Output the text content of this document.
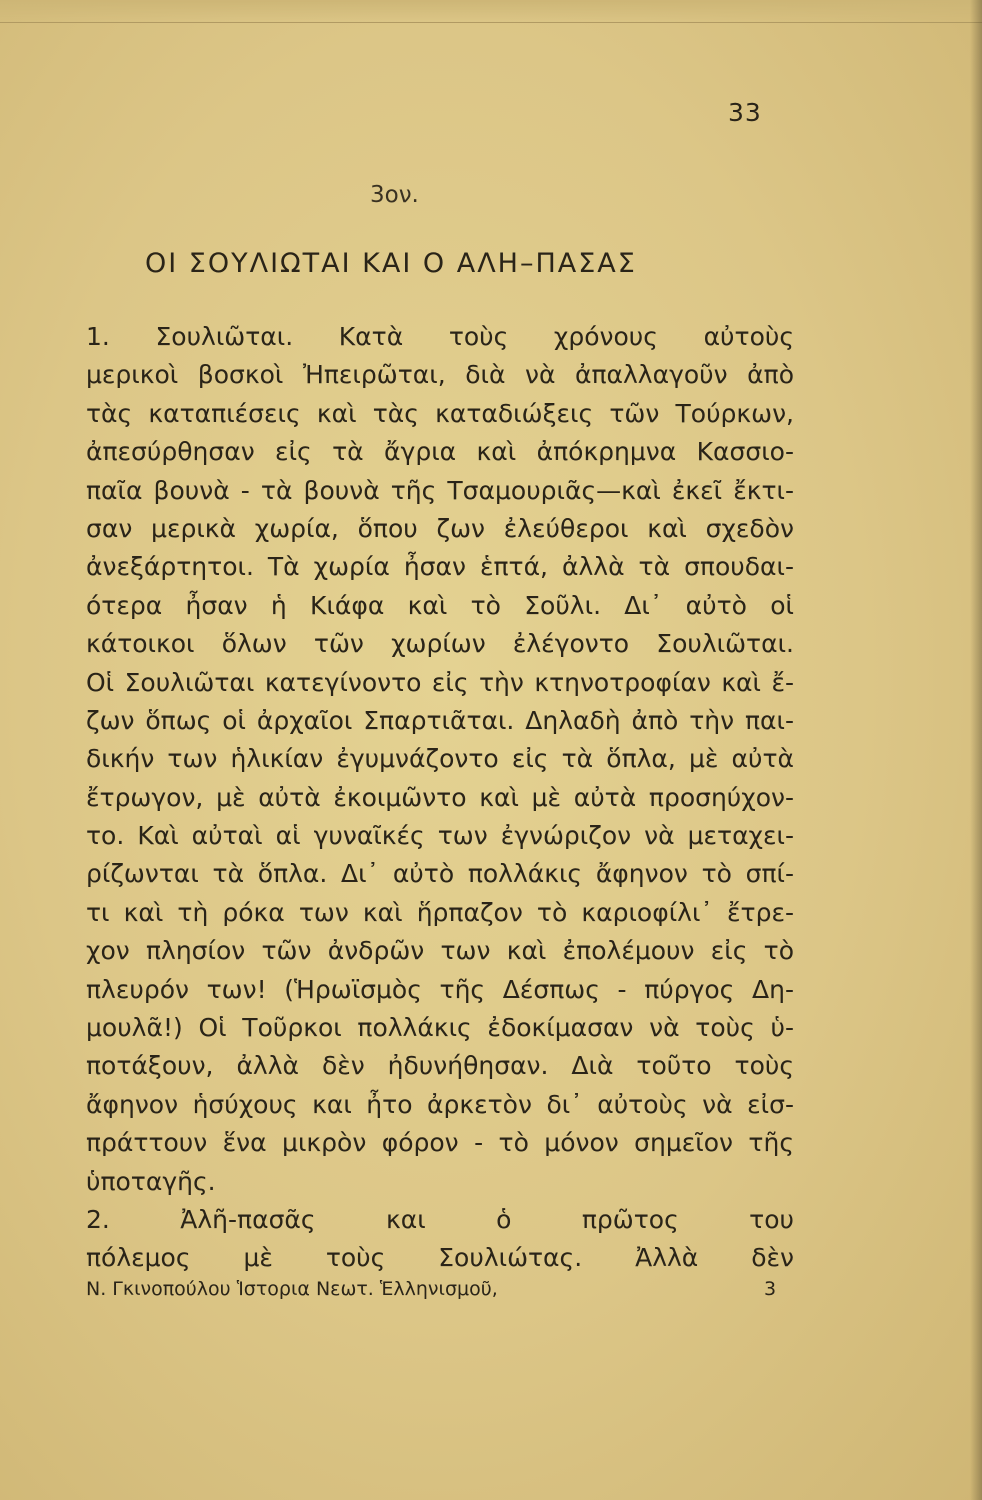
33
3ον.
ΟΙ ΣΟΥΛΙΩΤΑΙ ΚΑΙ Ο ΑΛΗ–ΠΑΣΑΣ
1. Σουλιῶται. Κατὰ τοὺς χρόνους αὐτοὺς
μερικοὶ βοσκοὶ Ἠπειρῶται, διὰ νὰ ἀπαλλαγοῦν ἀπὸ
τὰς καταπιέσεις καὶ τὰς καταδιώξεις τῶν Τούρκων,
ἀπεσύρθησαν εἰς τὰ ἄγρια καὶ ἀπόκρημνα Κασσιο-
παῖα βουνὰ - τὰ βουνὰ τῆς Τσαμουριᾶς—καὶ ἐκεῖ ἔκτι-
σαν μερικὰ χωρία, ὅπου ζων ἐλεύθεροι καὶ σχεδὸν
ἀνεξάρτητοι. Τὰ χωρία ἦσαν ἑπτά, ἀλλὰ τὰ σπουδαι-
ότερα ἦσαν ἡ Κιάφα καὶ τὸ Σοῦλι. Δι᾽ αὐτὸ οἱ
κάτοικοι ὅλων τῶν χωρίων ἐλέγοντο Σουλιῶται.
Οἱ Σουλιῶται κατεγίνοντο εἰς τὴν κτηνοτροφίαν καὶ ἔ-
ζων ὅπως οἱ ἀρχαῖοι Σπαρτιᾶται. Δηλαδὴ ἀπὸ τὴν παι-
δικήν των ἡλικίαν ἐγυμνάζοντο εἰς τὰ ὅπλα, μὲ αὐτὰ
ἔτρωγον, μὲ αὐτὰ ἐκοιμῶντο καὶ μὲ αὐτὰ προσηύχον-
το. Καὶ αὐταὶ αἱ γυναῖκές των ἐγνώριζον νὰ μεταχει-
ρίζωνται τὰ ὅπλα. Δι᾽ αὐτὸ πολλάκις ἄφηνον τὸ σπί-
τι καὶ τὴ ρόκα των καὶ ἥρπαζον τὸ καριοφίλι᾽ ἔτρε-
χον πλησίον τῶν ἀνδρῶν των καὶ ἐπολέμουν εἰς τὸ
πλευρόν των! (Ἡρωϊσμὸς τῆς Δέσπως - πύργος Δη-
μουλᾶ!) Οἱ Τοῦρκοι πολλάκις ἐδοκίμασαν νὰ τοὺς ὑ-
ποτάξουν, ἀλλὰ δὲν ἠδυνήθησαν. Διὰ τοῦτο τοὺς
ἄφηνον ἡσύχους και ἦτο ἀρκετὸν δι᾽ αὐτοὺς νὰ εἰσ-
πράττουν ἕνα μικρὸν φόρον - τὸ μόνον σημεῖον τῆς
ὑποταγῆς.
2. Ἀλῆ-πασᾶς και ὁ πρῶτος του
πόλεμος μὲ τοὺς Σουλιώτας. Ἀλλὰ δὲν
Ν. Γκινοπούλου Ἱστορια Νεωτ. Ἑλληνισμοῦ,	3
